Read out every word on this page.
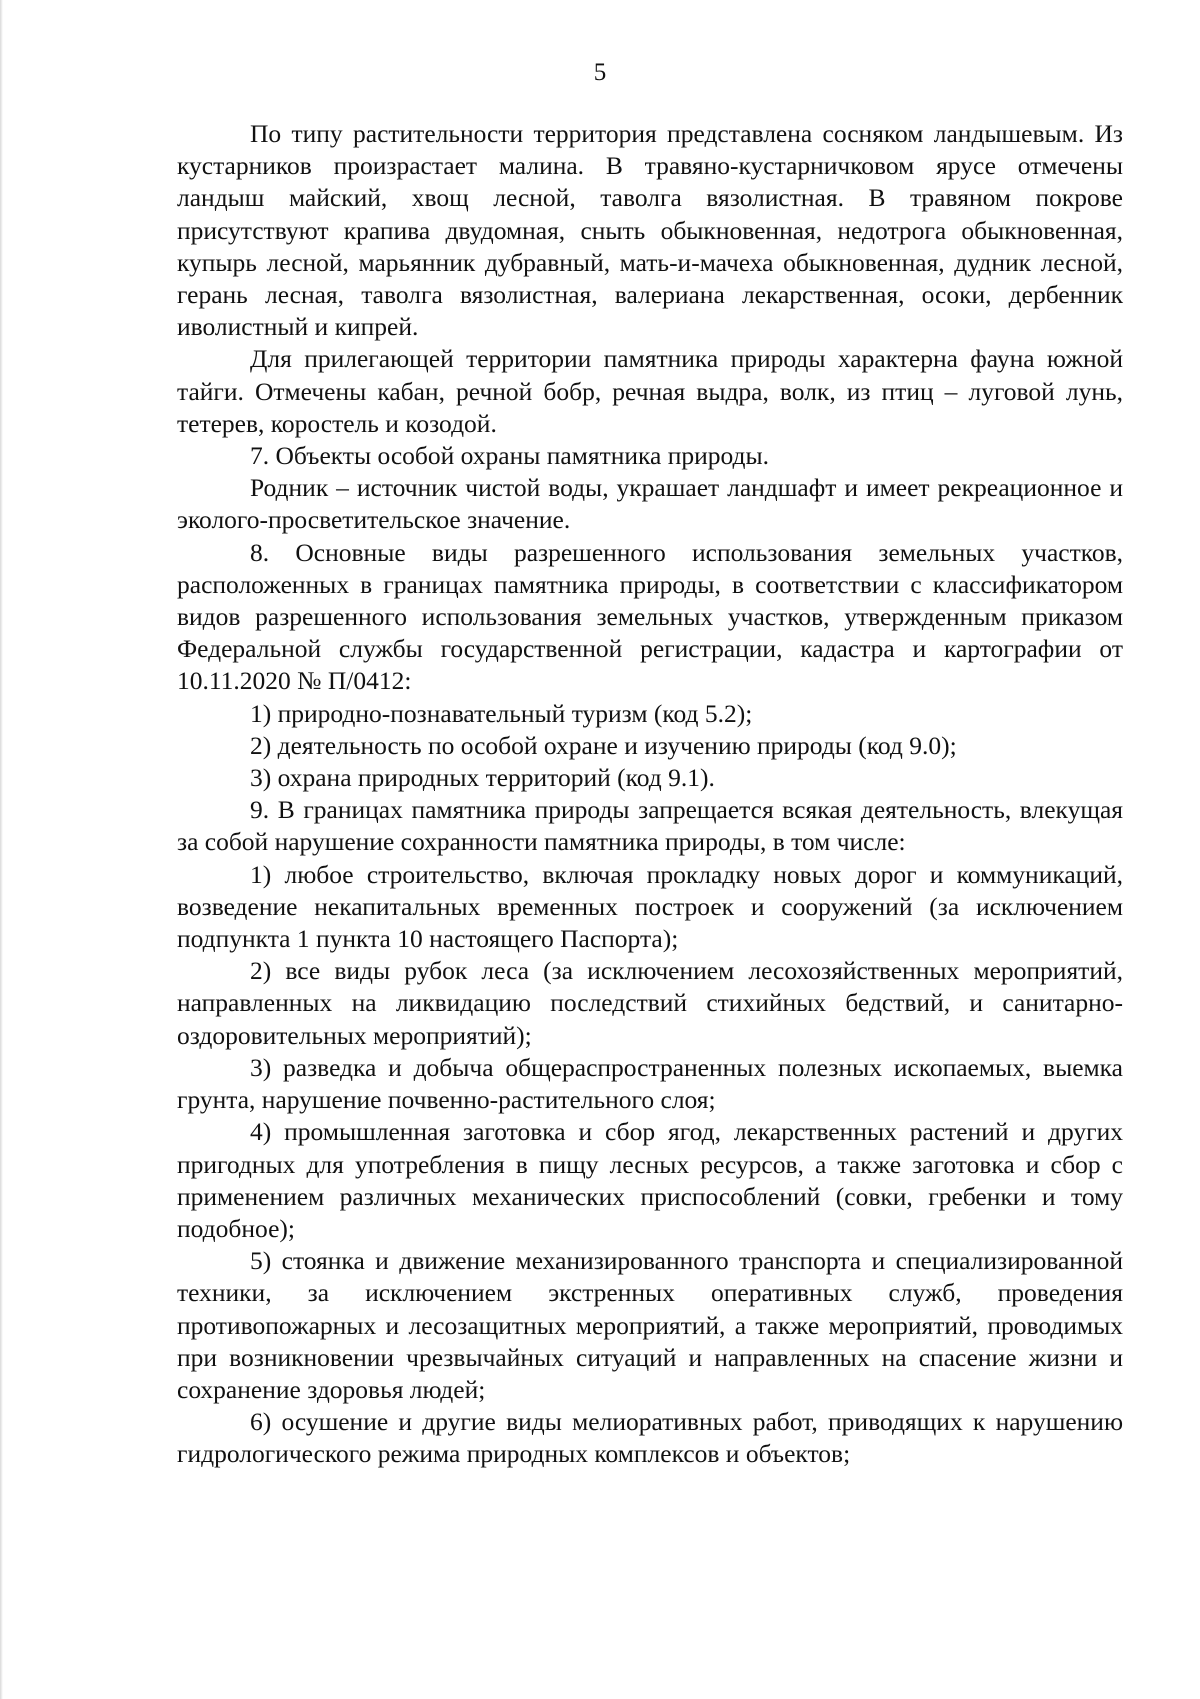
5

По типу растительности территория представлена сосняком ландышевым. Из кустарников произрастает малина. В травяно-кустарничковом ярусе отмечены ландыш майский, хвощ лесной, таволга вязолистная. В травяном покрове присутствуют крапива двудомная, сныть обыкновенная, недотрога обыкновенная, купырь лесной, марьянник дубравный, мать-и-мачеха обыкновенная, дудник лесной, герань лесная, таволга вязолистная, валериана лекарственная, осоки, дербенник иволистный и кипрей.

Для прилегающей территории памятника природы характерна фауна южной тайги. Отмечены кабан, речной бобр, речная выдра, волк, из птиц – луговой лунь, тетерев, коростель и козодой.

7. Объекты особой охраны памятника природы.

Родник – источник чистой воды, украшает ландшафт и имеет рекреационное и эколого-просветительское значение.

8. Основные виды разрешенного использования земельных участков, расположенных в границах памятника природы, в соответствии с классификатором видов разрешенного использования земельных участков, утвержденным приказом Федеральной службы государственной регистрации, кадастра и картографии от 10.11.2020 № П/0412:

1) природно-познавательный туризм (код 5.2);

2) деятельность по особой охране и изучению природы (код 9.0);

3) охрана природных территорий (код 9.1).

9. В границах памятника природы запрещается всякая деятельность, влекущая за собой нарушение сохранности памятника природы, в том числе:

1) любое строительство, включая прокладку новых дорог и коммуникаций, возведение некапитальных временных построек и сооружений (за исключением подпункта 1 пункта 10 настоящего Паспорта);

2) все виды рубок леса (за исключением лесохозяйственных мероприятий, направленных на ликвидацию последствий стихийных бедствий, и санитарно-оздоровительных мероприятий);

3) разведка и добыча общераспространенных полезных ископаемых, выемка грунта, нарушение почвенно-растительного слоя;

4) промышленная заготовка и сбор ягод, лекарственных растений и других пригодных для употребления в пищу лесных ресурсов, а также заготовка и сбор с применением различных механических приспособлений (совки, гребенки и тому подобное);

5) стоянка и движение механизированного транспорта и специализированной техники, за исключением экстренных оперативных служб, проведения противопожарных и лесозащитных мероприятий, а также мероприятий, проводимых при возникновении чрезвычайных ситуаций и направленных на спасение жизни и сохранение здоровья людей;

6) осушение и другие виды мелиоративных работ, приводящих к нарушению гидрологического режима природных комплексов и объектов;
